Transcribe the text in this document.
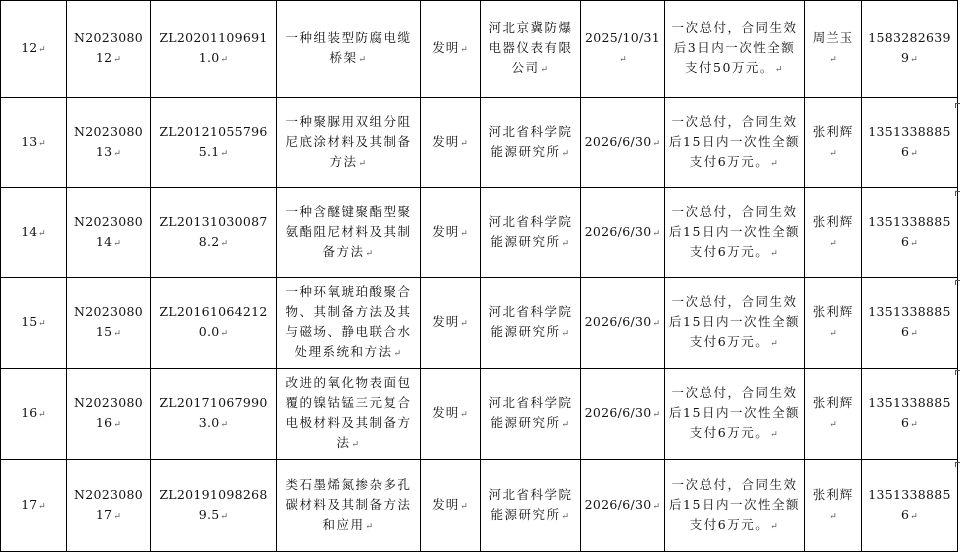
12↵	N202308012↵	ZL202011096911.0↵	一种组装型防腐电缆桥架↵	发明↵	河北京冀防爆电器仪表有限公司↵	2025/10/31↵	一次总付，合同生效后3日内一次性全额支付50万元。↵	周兰玉↵	15832826399↵
13↵	N202308013↵	ZL201210557965.1↵	一种聚脲用双组分阻尼底涂材料及其制备方法↵	发明↵	河北省科学院能源研究所↵	2026/6/30↵	一次总付，合同生效后15日内一次性全额支付6万元。↵	张利辉↵	13513388856↵
14↵	N202308014↵	ZL201310300878.2↵	一种含醚键聚酯型聚氨酯阻尼材料及其制备方法↵	发明↵	河北省科学院能源研究所↵	2026/6/30↵	一次总付，合同生效后15日内一次性全额支付6万元。↵	张利辉↵	13513388856↵
15↵	N202308015↵	ZL201610642120.0↵	一种环氧琥珀酸聚合物、其制备方法及其与磁场、静电联合水处理系统和方法↵	发明↵	河北省科学院能源研究所↵	2026/6/30↵	一次总付，合同生效后15日内一次性全额支付6万元。↵	张利辉↵	13513388856↵
16↵	N202308016↵	ZL201710679903.0↵	改进的氧化物表面包覆的镍钴锰三元复合电极材料及其制备方法↵	发明↵	河北省科学院能源研究所↵	2026/6/30↵	一次总付，合同生效后15日内一次性全额支付6万元。↵	张利辉↵	13513388856↵
17↵	N202308017↵	ZL201910982689.5↵	类石墨烯氮掺杂多孔碳材料及其制备方法和应用↵	发明↵	河北省科学院能源研究所↵	2026/6/30↵	一次总付，合同生效后15日内一次性全额支付6万元。↵	张利辉↵	13513388856↵
